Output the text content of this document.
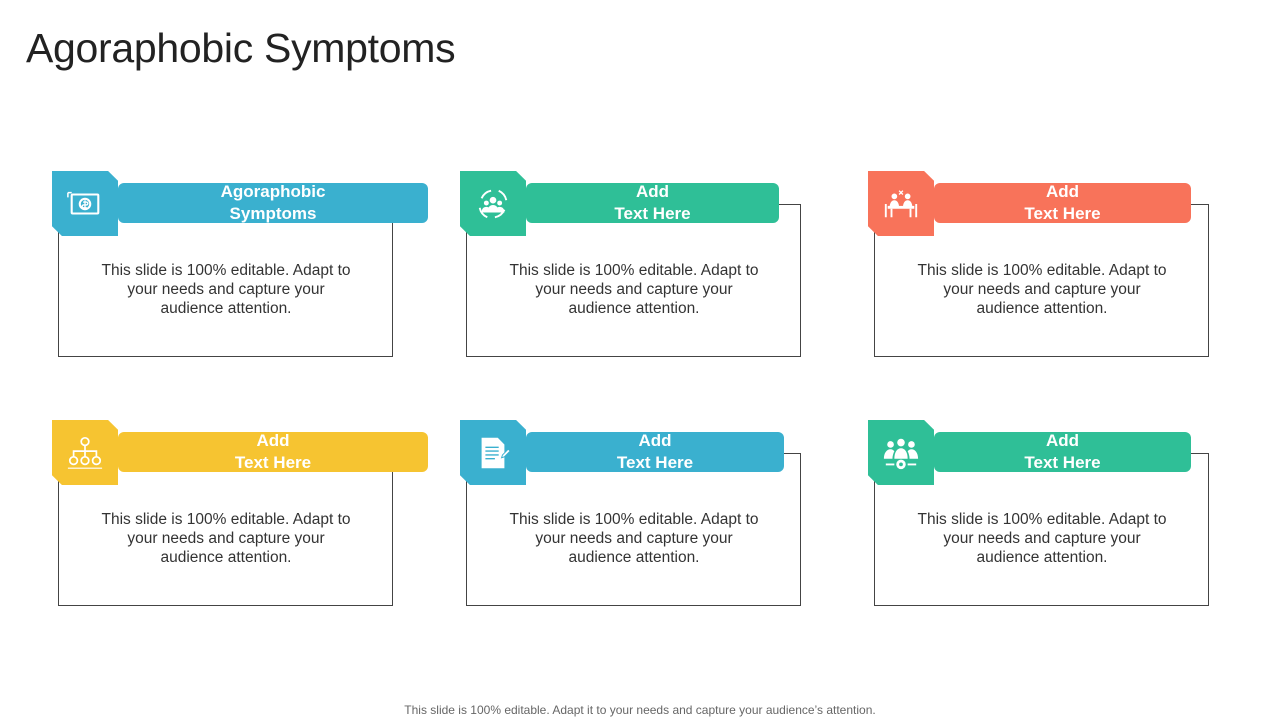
Agoraphobic Symptoms
Agoraphobic
Symptoms
This slide is 100% editable. Adapt to your needs and capture your audience attention.
Add
Text Here
This slide is 100% editable. Adapt to your needs and capture your audience attention.
Add
Text Here
This slide is 100% editable. Adapt to your needs and capture your audience attention.
Add
Text Here
This slide is 100% editable. Adapt to your needs and capture your audience attention.
Add
Text Here
This slide is 100% editable. Adapt to your needs and capture your audience attention.
Add
Text Here
This slide is 100% editable. Adapt to your needs and capture your audience attention.
This slide is 100% editable. Adapt it to your needs and capture your audience’s attention.
